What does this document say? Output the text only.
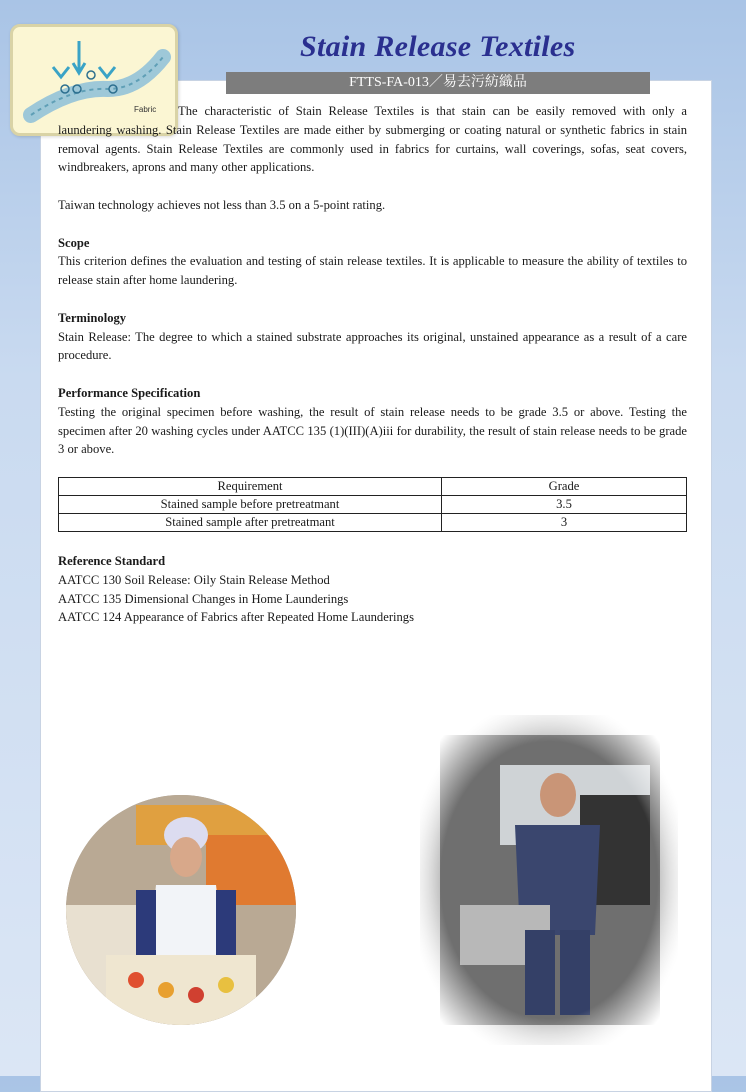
Fabric
Stain Release Textiles
FTTS-FA-013／易去污紡織品

The characteristic of Stain Release Textiles is that stain can be easily removed with only a laundering washing. Stain Release Textiles are made either by submerging or coating natural or synthetic fabrics in stain removal agents. Stain Release Textiles are commonly used in fabrics for curtains, wall coverings, sofas, seat covers, windbreakers, aprons and many other applications.

Taiwan technology achieves not less than 3.5 on a 5-point rating.

Scope

This criterion defines the evaluation and testing of stain release textiles. It is applicable to measure the ability of textiles to release stain after home laundering.

Terminology

Stain Release: The degree to which a stained substrate approaches its original, unstained appearance as a result of a care procedure.

Performance Specification

Testing the original specimen before washing, the result of stain release needs to be grade 3.5 or above. Testing the specimen after 20 washing cycles under AATCC 135 (1)(III)(A)iii for durability, the result of stain release needs to be grade 3 or above.

Requirement	Grade
Stained sample before pretreatmant	3.5
Stained sample after pretreatmant	3

Reference Standard

AATCC 130 Soil Release: Oily Stain Release Method

AATCC 135 Dimensional Changes in Home Launderings

AATCC 124 Appearance of Fabrics after Repeated Home Launderings
